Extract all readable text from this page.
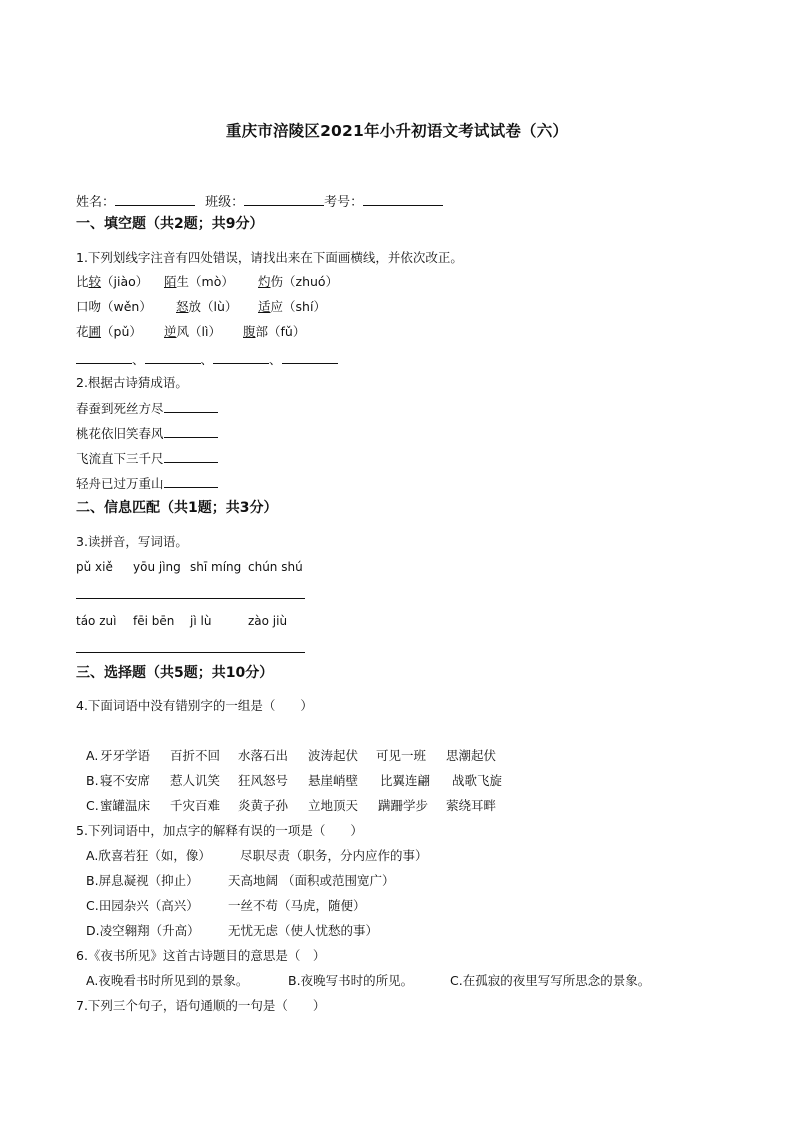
重庆市涪陵区2021年小升初语文考试试卷（六）
姓名：	班级：	考号：
一、填空题（共2题；共9分）
1.下列划线字注音有四处错误，请找出来在下面画横线，并依次改正。
比较（jiào） 陌生（mò） 灼伤（zhuó）
口吻（wěn） 怒放（lù） 适应（shí）
花圃（pǔ） 逆风（lì） 腹部（fǔ）
、	、	、
2.根据古诗猜成语。
春蚕到死丝方尽
桃花依旧笑春风
飞流直下三千尺
轻舟已过万重山
二、信息匹配（共1题；共3分）
3.读拼音，写词语。
pǔ xiě yōu jìng shī míng chún shú
táo zuì fēi bēn jì lù	zào jiù
三、选择题（共5题；共10分）
4.下面词语中没有错别字的一组是（　　）
A. 牙牙学语 百折不回 水落石出 波涛起伏 可见一班 思潮起伏
B. 寝不安席 惹人讥笑 狂风怒号 悬崖峭壁 比翼连翩 战歌飞旋
C. 蜜罐温床 千灾百难 炎黄子孙 立地顶天 蹒跚学步 萦绕耳畔
5.下列词语中，加点字的解释有误的一项是（　　）
A.欣喜若狂（如，像） 尽职尽责（职务，分内应作的事）
B.屏息凝视（抑止） 天高地阔 （面积或范围宽广）
C.田园杂兴（高兴） 一丝不苟（马虎，随便）
D.凌空翱翔（升高） 无忧无虑（使人忧愁的事）
6.《夜书所见》这首古诗题目的意思是（　）
A.夜晚看书时所见到的景象。	B.夜晚写书时的所见。	C.在孤寂的夜里写写所思念的景象。
7.下列三个句子，语句通顺的一句是（　　）
